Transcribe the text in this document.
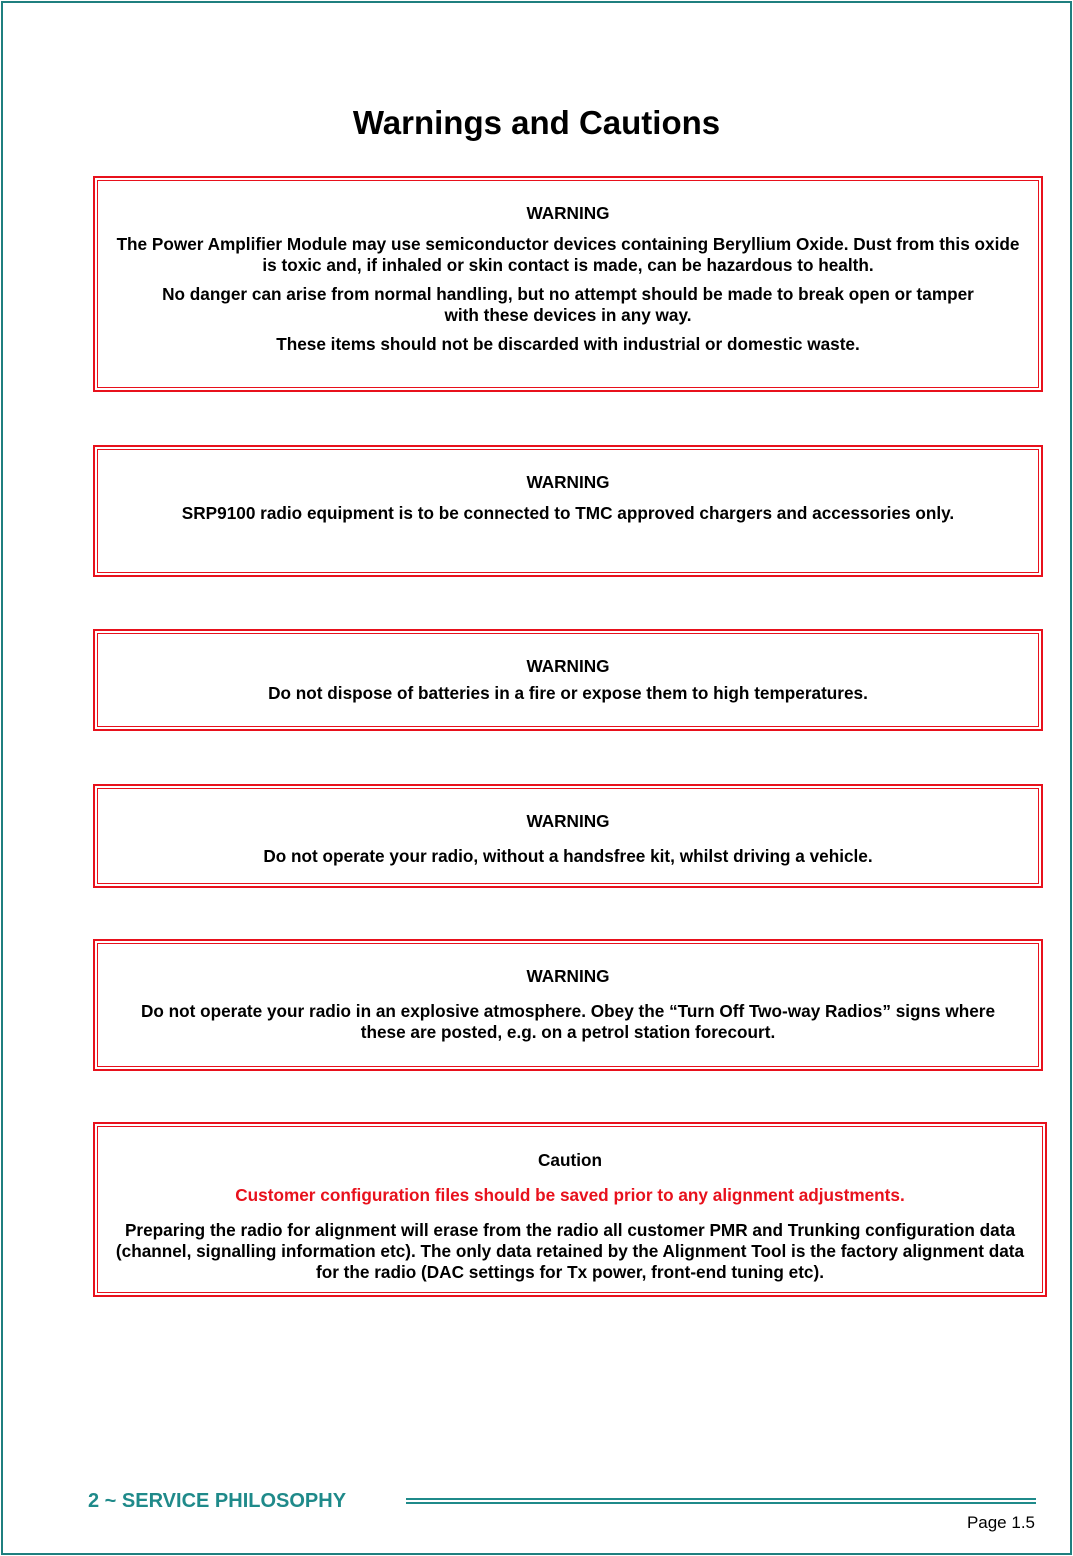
Warnings and Cautions

WARNING

The Power Amplifier Module may use semiconductor devices containing Beryllium Oxide. Dust from this oxide is toxic and, if inhaled or skin contact is made, can be hazardous to health.

No danger can arise from normal handling, but no attempt should be made to break open or tamper with these devices in any way.

These items should not be discarded with industrial or domestic waste.

WARNING

SRP9100 radio equipment is to be connected to TMC approved chargers and accessories only.

WARNING

Do not dispose of batteries in a fire or expose them to high temperatures.

WARNING

Do not operate your radio, without a handsfree kit, whilst driving a vehicle.

WARNING

Do not operate your radio in an explosive atmosphere. Obey the “Turn Off Two-way Radios” signs where these are posted, e.g. on a petrol station forecourt.

Caution

Customer configuration files should be saved prior to any alignment adjustments.

Preparing the radio for alignment will erase from the radio all customer PMR and Trunking configuration data (channel, signalling information etc). The only data retained by the Alignment Tool is the factory alignment data for the radio (DAC settings for Tx power, front-end tuning etc).

2 ~ SERVICE PHILOSOPHY

Page 1.5
